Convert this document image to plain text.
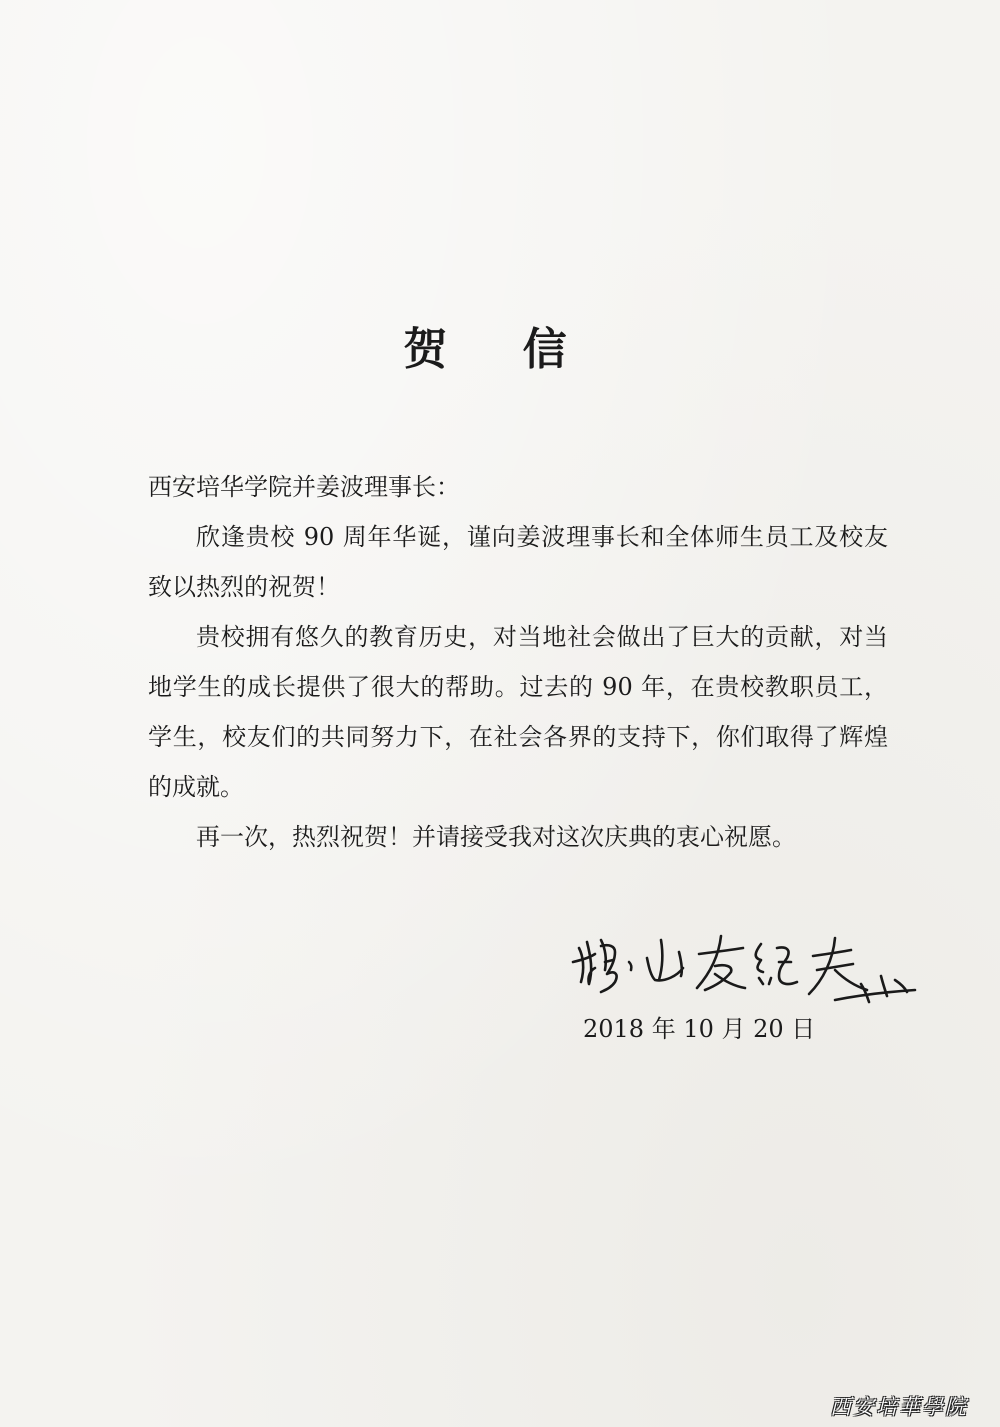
贺 信

西安培华学院并姜波理事长：

欣逢贵校 90 周年华诞，谨向姜波理事长和全体师生员工及校友致以热烈的祝贺！

贵校拥有悠久的教育历史，对当地社会做出了巨大的贡献，对当地学生的成长提供了很大的帮助。过去的 90 年，在贵校教职员工，学生，校友们的共同努力下，在社会各界的支持下，你们取得了辉煌的成就。

再一次，热烈祝贺！并请接受我对这次庆典的衷心祝愿。

2018 年 10 月 20 日

西安培華學院
